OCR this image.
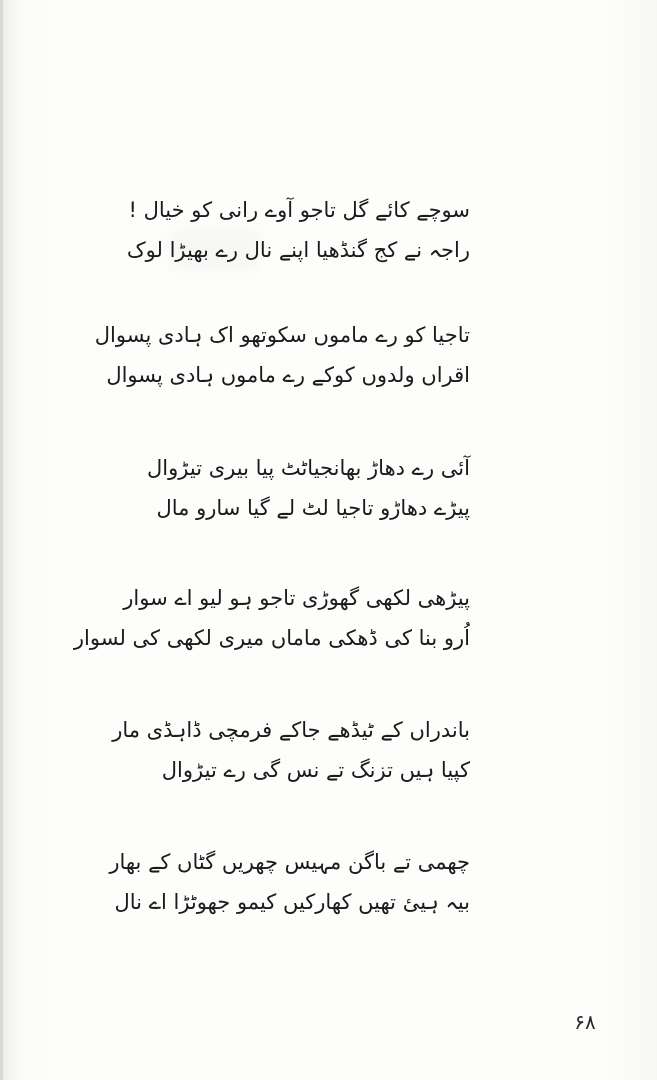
سوچے کائے گل تاجو آوے رانی کو خیال !
راجہ نے کج گنڈھیا اپنے نال رے بھیڑا لوک
تاجیا کو رے ماموں سکوتھو اک ہادی پسوال
اقراں ولدوں کوکے رے ماموں ہادی پسوال
آئی رے دھاڑ بھانجیاٹٹ پیا بیری تیڑوال
پیڑے دھاڑو تاجیا لٹ لے گیا سارو مال
پیڑھی لکھی گھوڑی تاجو ہو لیو اے سوار
اُرو بنا کی ڈھکی ماماں میری لکھی کی لسوار
باندراں کے ٹیڈھے جاکے فرمچی ڈاہڈی مار
کپیا ہیں تزنگ تے نس گی رے تیڑوال
چھمی تے باگن مہیس چھریں گٹاں کے بھار
بیہ ہیئ تھیں کھارکیں کیمو جھوٹڑا اے نال
۶۸
